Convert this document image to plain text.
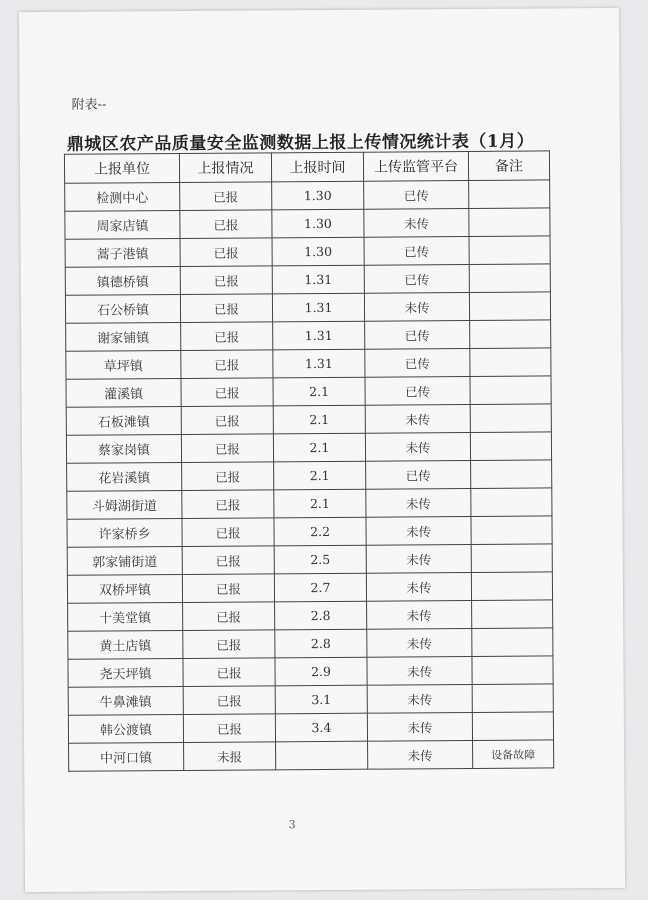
附表--
鼎城区农产品质量安全监测数据上报上传情况统计表（1月）
上报单位	上报情况	上报时间	上传监管平台	备注
检测中心	已报	1.30	已传	
周家店镇	已报	1.30	未传	
蒿子港镇	已报	1.30	已传	
镇德桥镇	已报	1.31	已传	
石公桥镇	已报	1.31	未传	
谢家铺镇	已报	1.31	已传	
草坪镇	已报	1.31	已传	
灌溪镇	已报	2.1	已传	
石板滩镇	已报	2.1	未传	
蔡家岗镇	已报	2.1	未传	
花岩溪镇	已报	2.1	已传	
斗姆湖街道	已报	2.1	未传	
许家桥乡	已报	2.2	未传	
郭家铺街道	已报	2.5	未传	
双桥坪镇	已报	2.7	未传	
十美堂镇	已报	2.8	未传	
黄土店镇	已报	2.8	未传	
尧天坪镇	已报	2.9	未传	
牛鼻滩镇	已报	3.1	未传	
韩公渡镇	已报	3.4	未传	
中河口镇	未报		未传	设备故障
3
